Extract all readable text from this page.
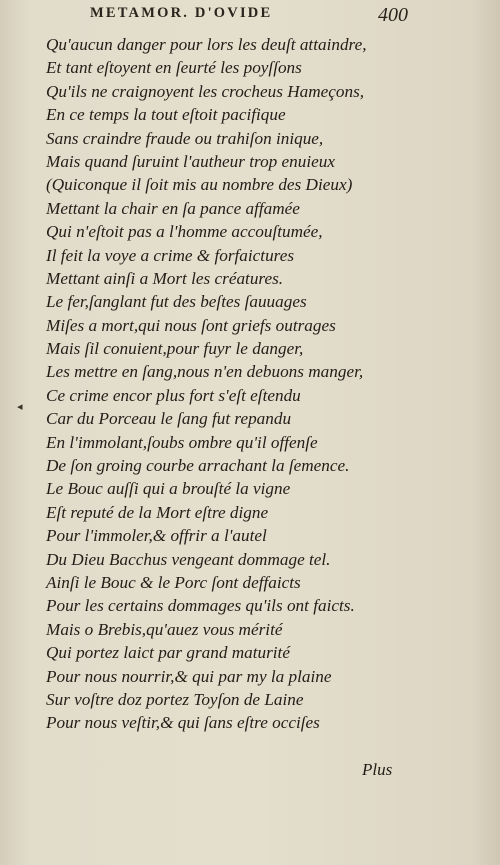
METAMOR. D'OVIDE	400
Qu'aucun danger pour lors les deuſt attaindre,
Et tant eſtoyent en ſeurté les poyſſons
Qu'ils ne craignoyent les crocheus Hameçons,
En ce temps la tout eſtoit pacifique
Sans craindre fraude ou trahiſon inique,
Mais quand ſuruint l'autheur trop enuieux
(Quiconque il ſoit mis au nombre des Dieux)
Mettant la chair en ſa pance affamée
Qui n'eſtoit pas a l'homme accouſtumée,
Il feit la voye a crime & forfaictures
Mettant ainſi a Mort les créatures.
Le fer,ſanglant fut des beſtes ſauuages
Miſes a mort,qui nous ſont griefs outrages
Mais ſil conuient,pour fuyr le danger,
Les mettre en ſang,nous n'en debuons manger,
Ce crime encor plus fort s'eſt eſtendu
Car du Porceau le ſang fut repandu
En l'immolant,ſoubs ombre qu'il offenſe
De ſon groing courbe arrachant la ſemence.
Le Bouc auſſi qui a brouſté la vigne
Eſt reputé de la Mort eſtre digne
Pour l'immoler,& offrir a l'autel
Du Dieu Bacchus vengeant dommage tel.
Ainſi le Bouc & le Porc ſont deffaicts
Pour les certains dommages qu'ils ont faicts.
Mais o Brebis,qu'auez vous mérité
Qui portez laict par grand maturité
Pour nous nourrir,& qui par my la plaine
Sur voſtre doz portez Toyſon de Laine
Pour nous veſtir,& qui ſans eſtre occiſes
◂
Plus
